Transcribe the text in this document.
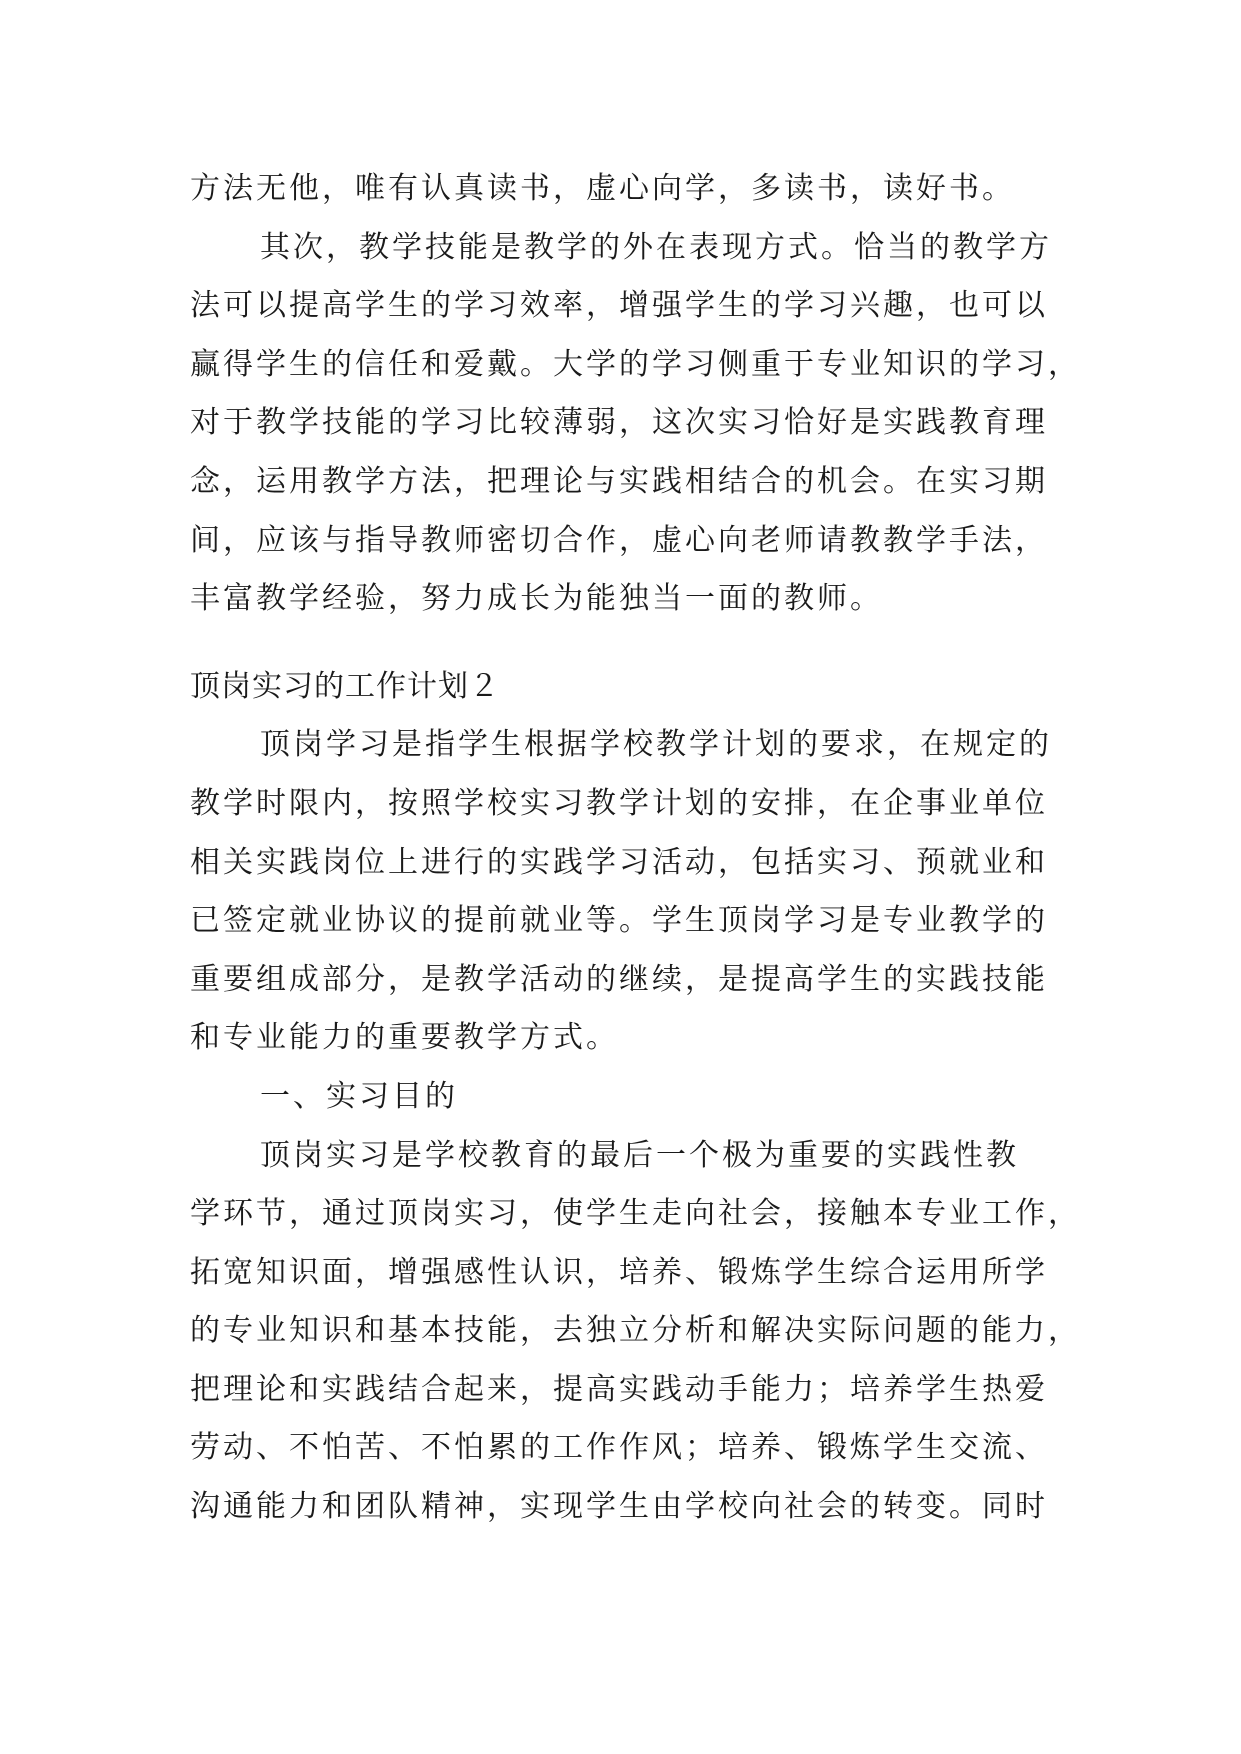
方法无他，唯有认真读书，虚心向学，多读书，读好书。
其次，教学技能是教学的外在表现方式。恰当的教学方
法可以提高学生的学习效率，增强学生的学习兴趣，也可以
赢得学生的信任和爱戴。大学的学习侧重于专业知识的学习，
对于教学技能的学习比较薄弱，这次实习恰好是实践教育理
念，运用教学方法，把理论与实践相结合的机会。在实习期
间，应该与指导教师密切合作，虚心向老师请教教学手法，
丰富教学经验，努力成长为能独当一面的教师。
顶岗实习的工作计划２
顶岗学习是指学生根据学校教学计划的要求，在规定的
教学时限内，按照学校实习教学计划的安排，在企事业单位
相关实践岗位上进行的实践学习活动，包括实习、预就业和
已签定就业协议的提前就业等。学生顶岗学习是专业教学的
重要组成部分，是教学活动的继续，是提高学生的实践技能
和专业能力的重要教学方式。
一、实习目的
顶岗实习是学校教育的最后一个极为重要的实践性教
学环节，通过顶岗实习，使学生走向社会，接触本专业工作，
拓宽知识面，增强感性认识，培养、锻炼学生综合运用所学
的专业知识和基本技能，去独立分析和解决实际问题的能力，
把理论和实践结合起来，提高实践动手能力；培养学生热爱
劳动、不怕苦、不怕累的工作作风；培养、锻炼学生交流、
沟通能力和团队精神，实现学生由学校向社会的转变。同时
